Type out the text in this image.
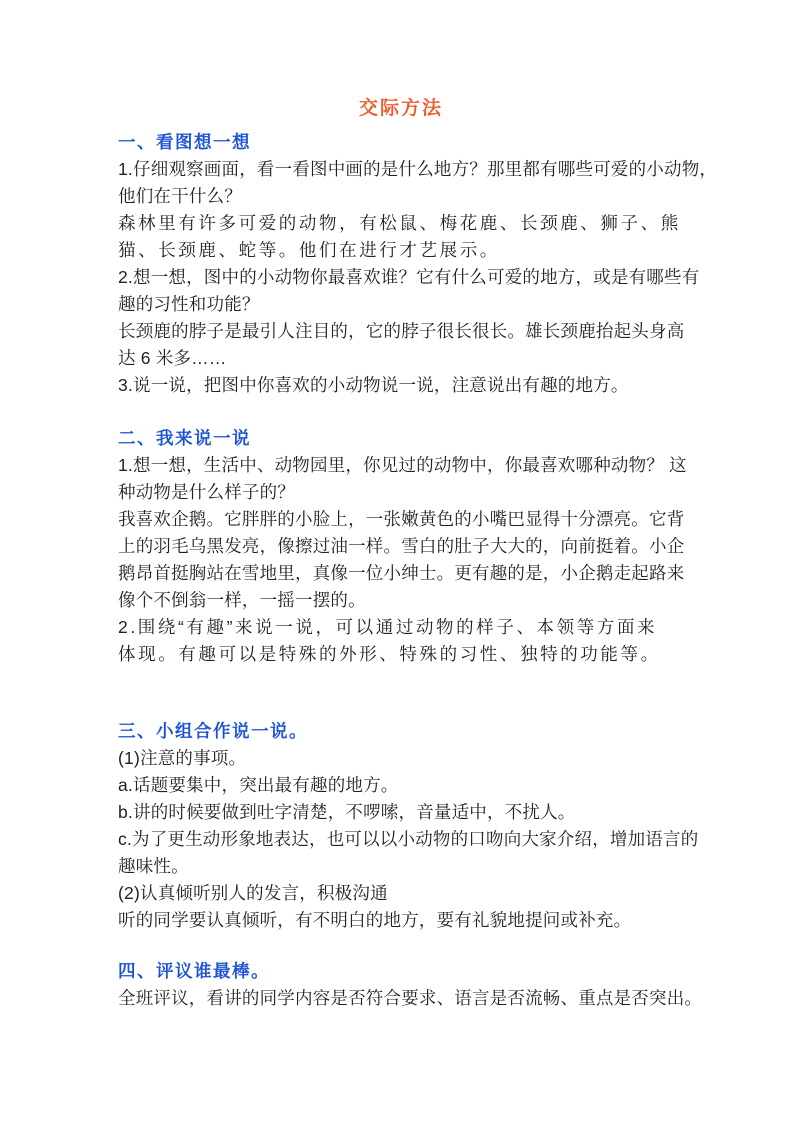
交际方法
一、看图想一想
1.仔细观察画面，看一看图中画的是什么地方？那里都有哪些可爱的小动物，
他们在干什么？
森林里有许多可爱的动物，有松鼠、梅花鹿、长颈鹿、狮子、熊
猫、长颈鹿、蛇等。他们在进行才艺展示。
2.想一想，图中的小动物你最喜欢谁？它有什么可爱的地方，或是有哪些有
趣的习性和功能？
长颈鹿的脖子是最引人注目的，它的脖子很长很长。雄长颈鹿抬起头身高
达 6 米多……
3.说一说，把图中你喜欢的小动物说一说，注意说出有趣的地方。
二、我来说一说
1.想一想，生活中、动物园里，你见过的动物中，你最喜欢哪种动物？ 这
种动物是什么样子的？
我喜欢企鹅。它胖胖的小脸上，一张嫩黄色的小嘴巴显得十分漂亮。它背
上的羽毛乌黑发亮，像擦过油一样。雪白的肚子大大的，向前挺着。小企
鹅昂首挺胸站在雪地里，真像一位小绅士。更有趣的是，小企鹅走起路来
像个不倒翁一样，一摇一摆的。
2.围绕“有趣”来说一说，可以通过动物的样子、本领等方面来
体现。有趣可以是特殊的外形、特殊的习性、独特的功能等。
三、小组合作说一说。
(1)注意的事项。
a.话题要集中，突出最有趣的地方。
b.讲的时候要做到吐字清楚，不啰嗦，音量适中，不扰人。
c.为了更生动形象地表达，也可以以小动物的口吻向大家介绍，增加语言的
趣味性。
(2)认真倾听别人的发言，积极沟通
听的同学要认真倾听，有不明白的地方，要有礼貌地提问或补充。
四、评议谁最棒。
全班评议，看讲的同学内容是否符合要求、语言是否流畅、重点是否突出。
